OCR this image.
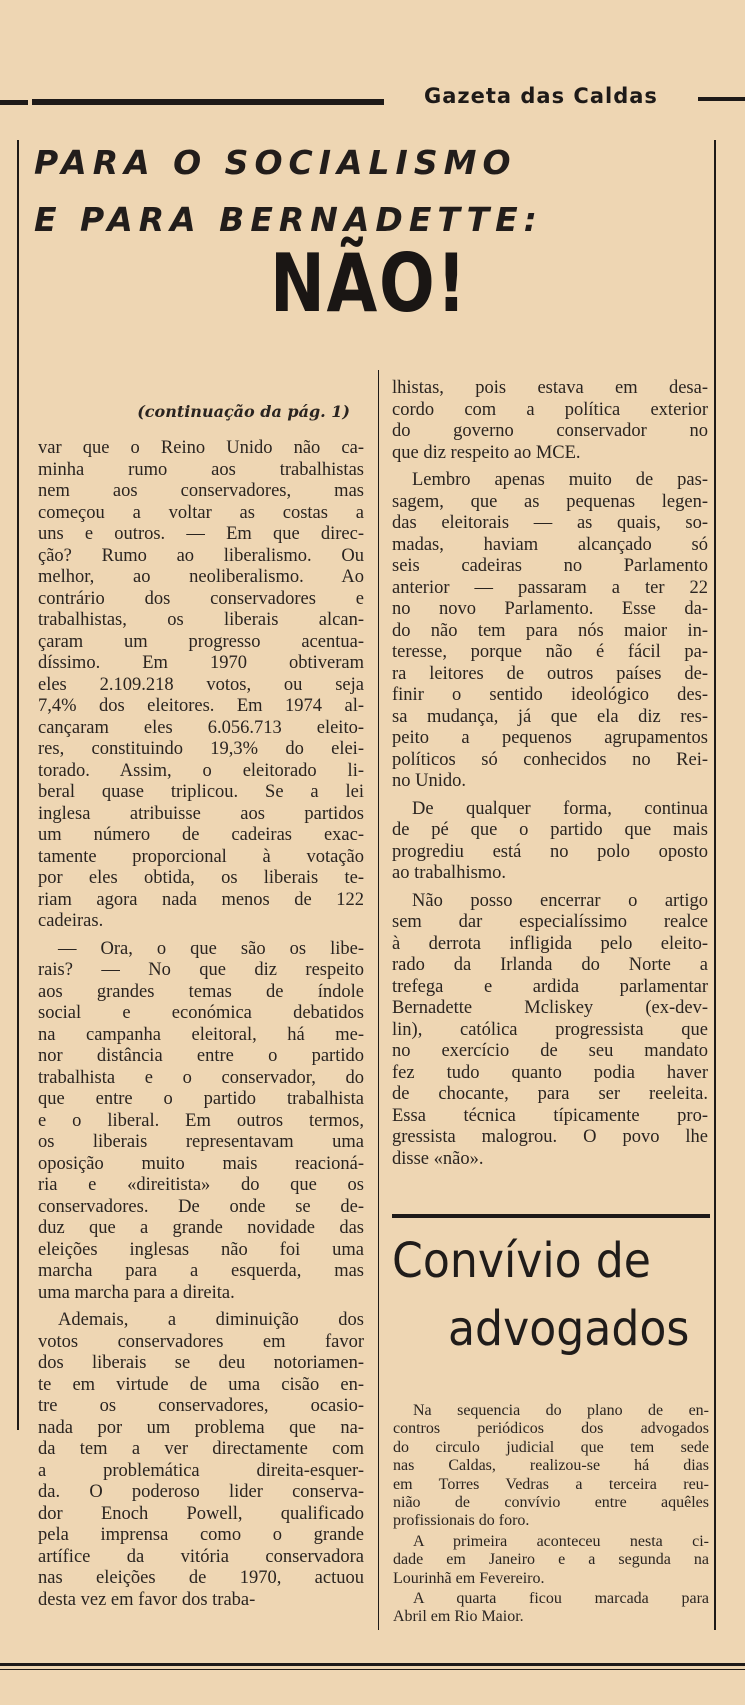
Gazeta das Caldas
PARA O SOCIALISMO
E PARA BERNADETTE:
NÃO!
(continuação da pág. 1)
var que o Reino Unido não ca-
minha rumo aos trabalhistas
nem aos conservadores, mas
começou a voltar as costas a
uns e outros. — Em que direc-
ção? Rumo ao liberalismo. Ou
melhor, ao neoliberalismo. Ao
contrário dos conservadores e
trabalhistas, os liberais alcan-
çaram um progresso acentua-
díssimo. Em 1970 obtiveram
eles 2.109.218 votos, ou seja
7,4% dos eleitores. Em 1974 al-
cançaram eles 6.056.713 eleito-
res, constituindo 19,3% do elei-
torado. Assim, o eleitorado li-
beral quase triplicou. Se a lei
inglesa atribuisse aos partidos
um número de cadeiras exac-
tamente proporcional à votação
por eles obtida, os liberais te-
riam agora nada menos de 122
cadeiras.
— Ora, o que são os libe-
rais? — No que diz respeito
aos grandes temas de índole
social e económica debatidos
na campanha eleitoral, há me-
nor distância entre o partido
trabalhista e o conservador, do
que entre o partido trabalhista
e o liberal. Em outros termos,
os liberais representavam uma
oposição muito mais reacioná-
ria e «direitista» do que os
conservadores. De onde se de-
duz que a grande novidade das
eleições inglesas não foi uma
marcha para a esquerda, mas
uma marcha para a direita.
Ademais, a diminuição dos
votos conservadores em favor
dos liberais se deu notoriamen-
te em virtude de uma cisão en-
tre os conservadores, ocasio-
nada por um problema que na-
da tem a ver directamente com
a problemática direita-esquer-
da. O poderoso lider conserva-
dor Enoch Powell, qualificado
pela imprensa como o grande
artífice da vitória conservadora
nas eleições de 1970, actuou
desta vez em favor dos traba-
lhistas, pois estava em desa-
cordo com a política exterior
do governo conservador no
que diz respeito ao MCE.
Lembro apenas muito de pas-
sagem, que as pequenas legen-
das eleitorais — as quais, so-
madas, haviam alcançado só
seis cadeiras no Parlamento
anterior — passaram a ter 22
no novo Parlamento. Esse da-
do não tem para nós maior in-
teresse, porque não é fácil pa-
ra leitores de outros países de-
finir o sentido ideológico des-
sa mudança, já que ela diz res-
peito a pequenos agrupamentos
políticos só conhecidos no Rei-
no Unido.
De qualquer forma, continua
de pé que o partido que mais
progrediu está no polo oposto
ao trabalhismo.
Não posso encerrar o artigo
sem dar especialíssimo realce
à derrota infligida pelo eleito-
rado da Irlanda do Norte a
trefega e ardida parlamentar
Bernadette Mcliskey (ex-dev-
lin), católica progressista que
no exercício de seu mandato
fez tudo quanto podia haver
de chocante, para ser reeleita.
Essa técnica típicamente pro-
gressista malogrou. O povo lhe
disse «não».
Convívio de
advogados
Na sequencia do plano de en-
contros periódicos dos advogados
do circulo judicial que tem sede
nas Caldas, realizou-se há dias
em Torres Vedras a terceira reu-
nião de convívio entre aquêles
profissionais do foro.
A primeira aconteceu nesta ci-
dade em Janeiro e a segunda na
Lourinhã em Fevereiro.
A quarta ficou marcada para
Abril em Rio Maior.
